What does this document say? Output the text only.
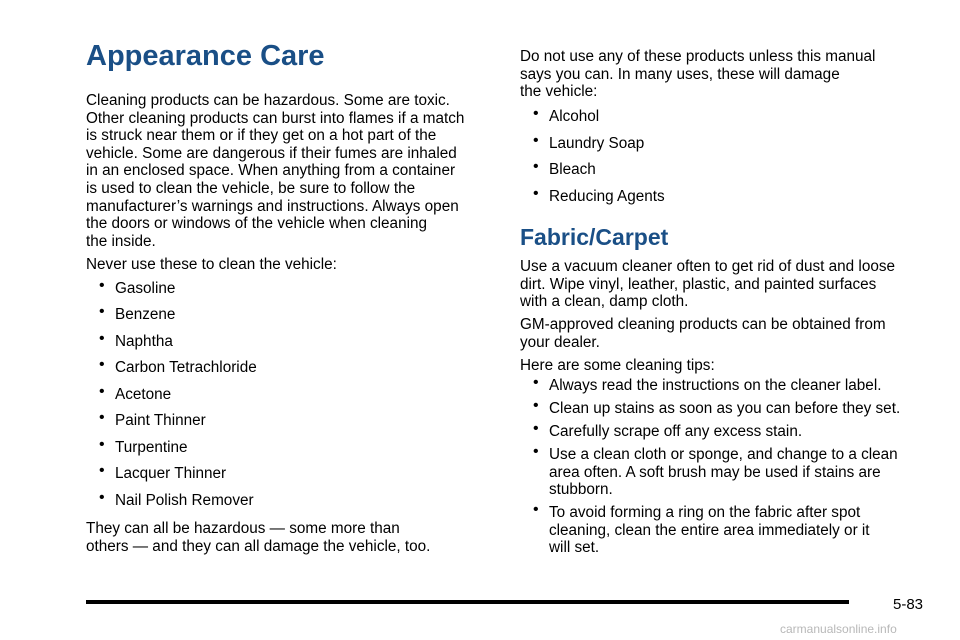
Appearance Care

Cleaning products can be hazardous. Some are toxic.

Other cleaning products can burst into flames if a match

is struck near them or if they get on a hot part of the

vehicle. Some are dangerous if their fumes are inhaled

in an enclosed space. When anything from a container

is used to clean the vehicle, be sure to follow the

manufacturer’s warnings and instructions. Always open

the doors or windows of the vehicle when cleaning

the inside.

Never use these to clean the vehicle:

• Gasoline
• Benzene
• Naphtha
• Carbon Tetrachloride
• Acetone
• Paint Thinner
• Turpentine
• Lacquer Thinner
• Nail Polish Remover

They can all be hazardous — some more than

others — and they can all damage the vehicle, too.

Do not use any of these products unless this manual

says you can. In many uses, these will damage

the vehicle:

• Alcohol
• Laundry Soap
• Bleach
• Reducing Agents
Fabric/Carpet

Use a vacuum cleaner often to get rid of dust and loose

dirt. Wipe vinyl, leather, plastic, and painted surfaces

with a clean, damp cloth.

GM-approved cleaning products can be obtained from

your dealer.

Here are some cleaning tips:

• Always read the instructions on the cleaner label.
• Clean up stains as soon as you can before they set.
• Carefully scrape off any excess stain.
• Use a clean cloth or sponge, and change to a clean
area often. A soft brush may be used if stains are
stubborn.
• To avoid forming a ring on the fabric after spot
cleaning, clean the entire area immediately or it
will set.
5-83
carmanualsonline.info
